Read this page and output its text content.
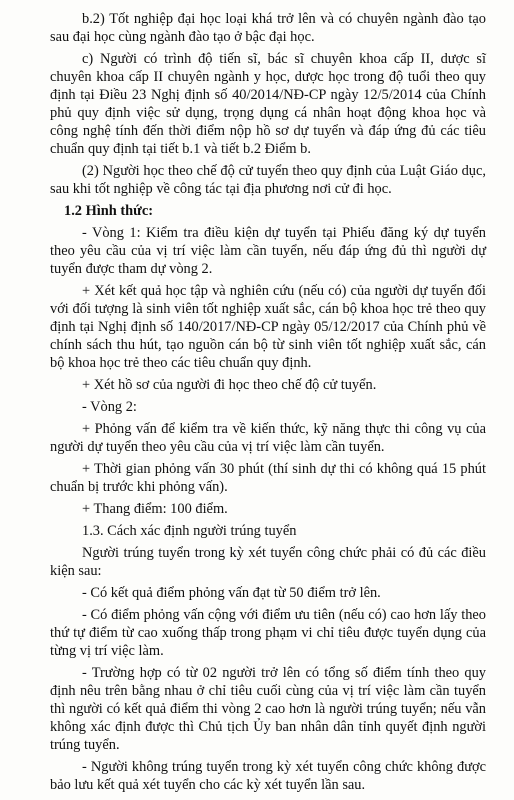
b.2) Tốt nghiệp đại học loại khá trở lên và có chuyên ngành đào tạo sau đại học cùng ngành đào tạo ở bậc đại học.

c) Người có trình độ tiến sĩ, bác sĩ chuyên khoa cấp II, dược sĩ chuyên khoa cấp II chuyên ngành y học, dược học trong độ tuổi theo quy định tại Điều 23 Nghị định số 40/2014/NĐ-CP ngày 12/5/2014 của Chính phủ quy định việc sử dụng, trọng dụng cá nhân hoạt động khoa học và công nghệ tính đến thời điểm nộp hồ sơ dự tuyển và đáp ứng đủ các tiêu chuẩn quy định tại tiết b.1 và tiết b.2 Điểm b.

(2) Người học theo chế độ cử tuyển theo quy định của Luật Giáo dục, sau khi tốt nghiệp về công tác tại địa phương nơi cử đi học.

1.2 Hình thức:

- Vòng 1: Kiểm tra điều kiện dự tuyển tại Phiếu đăng ký dự tuyển theo yêu cầu của vị trí việc làm cần tuyển, nếu đáp ứng đủ thì người dự tuyển được tham dự vòng 2.

+ Xét kết quả học tập và nghiên cứu (nếu có) của người dự tuyển đối với đối tượng là sinh viên tốt nghiệp xuất sắc, cán bộ khoa học trẻ theo quy định tại Nghị định số 140/2017/NĐ-CP ngày 05/12/2017 của Chính phủ về chính sách thu hút, tạo nguồn cán bộ từ sinh viên tốt nghiệp xuất sắc, cán bộ khoa học trẻ theo các tiêu chuẩn quy định.

+ Xét hồ sơ của người đi học theo chế độ cử tuyển.

- Vòng 2:

+ Phỏng vấn để kiểm tra về kiến thức, kỹ năng thực thi công vụ của người dự tuyển theo yêu cầu của vị trí việc làm cần tuyển.

+ Thời gian phỏng vấn 30 phút (thí sinh dự thi có không quá 15 phút chuẩn bị trước khi phỏng vấn).

+ Thang điểm: 100 điểm.

1.3. Cách xác định người trúng tuyển

Người trúng tuyển trong kỳ xét tuyển công chức phải có đủ các điều kiện sau:

- Có kết quả điểm phỏng vấn đạt từ 50 điểm trở lên.

- Có điểm phỏng vấn cộng với điểm ưu tiên (nếu có) cao hơn lấy theo thứ tự điểm từ cao xuống thấp trong phạm vi chỉ tiêu được tuyển dụng của từng vị trí việc làm.

- Trường hợp có từ 02 người trở lên có tổng số điểm tính theo quy định nêu trên bằng nhau ở chỉ tiêu cuối cùng của vị trí việc làm cần tuyển thì người có kết quả điểm thi vòng 2 cao hơn là người trúng tuyển; nếu vẫn không xác định được thì Chủ tịch Ủy ban nhân dân tỉnh quyết định người trúng tuyển.

- Người không trúng tuyển trong kỳ xét tuyển công chức không được bảo lưu kết quả xét tuyển cho các kỳ xét tuyển lần sau.
